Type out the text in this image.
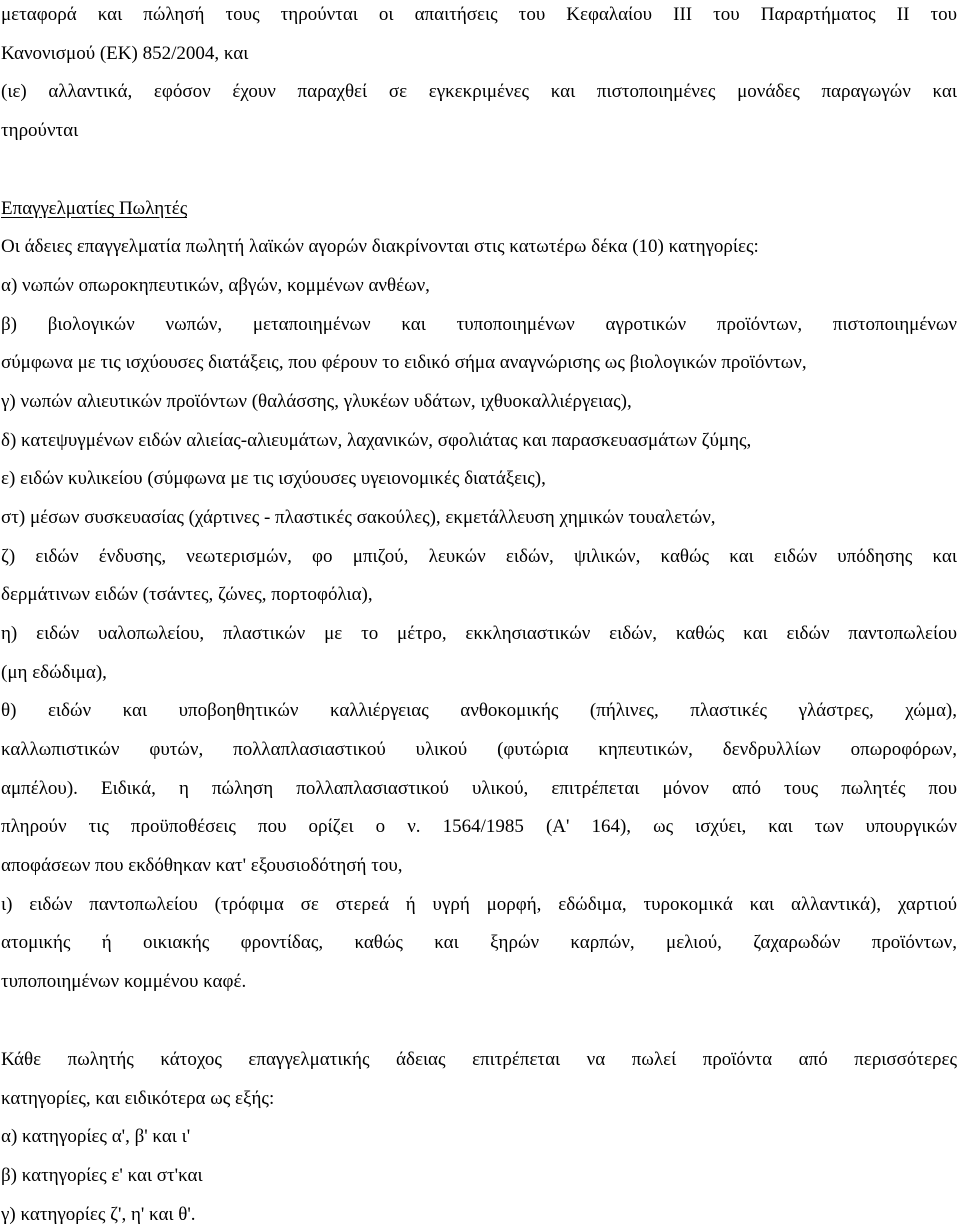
μεταφορά και πώλησή τους τηρούνται οι απαιτήσεις του Κεφαλαίου ΙΙΙ του Παραρτήματος ΙΙ του
Κανονισμού (ΕΚ) 852/2004, και
(ιε) αλλαντικά, εφόσον έχουν παραχθεί σε εγκεκριμένες και πιστοποιημένες μονάδες παραγωγών και
τηρούνται
Επαγγελματίες Πωλητές
Οι άδειες επαγγελματία πωλητή λαϊκών αγορών διακρίνονται στις κατωτέρω δέκα (10) κατηγορίες:
α) νωπών οπωροκηπευτικών, αβγών, κομμένων ανθέων,
β) βιολογικών νωπών, μεταποιημένων και τυποποιημένων αγροτικών προϊόντων, πιστοποιημένων
σύμφωνα με τις ισχύουσες διατάξεις, που φέρουν το ειδικό σήμα αναγνώρισης ως βιολογικών προϊόντων,
γ) νωπών αλιευτικών προϊόντων (θαλάσσης, γλυκέων υδάτων, ιχθυοκαλλιέργειας),
δ) κατεψυγμένων ειδών αλιείας-αλιευμάτων, λαχανικών, σφολιάτας και παρασκευασμάτων ζύμης,
ε) ειδών κυλικείου (σύμφωνα με τις ισχύουσες υγειονομικές διατάξεις),
στ) μέσων συσκευασίας (χάρτινες - πλαστικές σακούλες), εκμετάλλευση χημικών τουαλετών,
ζ) ειδών ένδυσης, νεωτερισμών, φο μπιζού, λευκών ειδών, ψιλικών, καθώς και ειδών υπόδησης και
δερμάτινων ειδών (τσάντες, ζώνες, πορτοφόλια),
η) ειδών υαλοπωλείου, πλαστικών με το μέτρο, εκκλησιαστικών ειδών, καθώς και ειδών παντοπωλείου
(μη εδώδιμα),
θ) ειδών και υποβοηθητικών καλλιέργειας ανθοκομικής (πήλινες, πλαστικές γλάστρες, χώμα),
καλλωπιστικών φυτών, πολλαπλασιαστικού υλικού (φυτώρια κηπευτικών, δενδρυλλίων οπωροφόρων,
αμπέλου). Ειδικά, η πώληση πολλαπλασιαστικού υλικού, επιτρέπεται μόνον από τους πωλητές που
πληρούν τις προϋποθέσεις που ορίζει ο ν. 1564/1985 (Α' 164), ως ισχύει, και των υπουργικών
αποφάσεων που εκδόθηκαν κατ' εξουσιοδότησή του,
ι) ειδών παντοπωλείου (τρόφιμα σε στερεά ή υγρή μορφή, εδώδιμα, τυροκομικά και αλλαντικά), χαρτιού
ατομικής ή οικιακής φροντίδας, καθώς και ξηρών καρπών, μελιού, ζαχαρωδών προϊόντων,
τυποποιημένων κομμένου καφέ.
Κάθε πωλητής κάτοχος επαγγελματικής άδειας επιτρέπεται να πωλεί προϊόντα από περισσότερες
κατηγορίες, και ειδικότερα ως εξής:
α) κατηγορίες α', β' και ι'
β) κατηγορίες ε' και στ'και
γ) κατηγορίες ζ', η' και θ'.
